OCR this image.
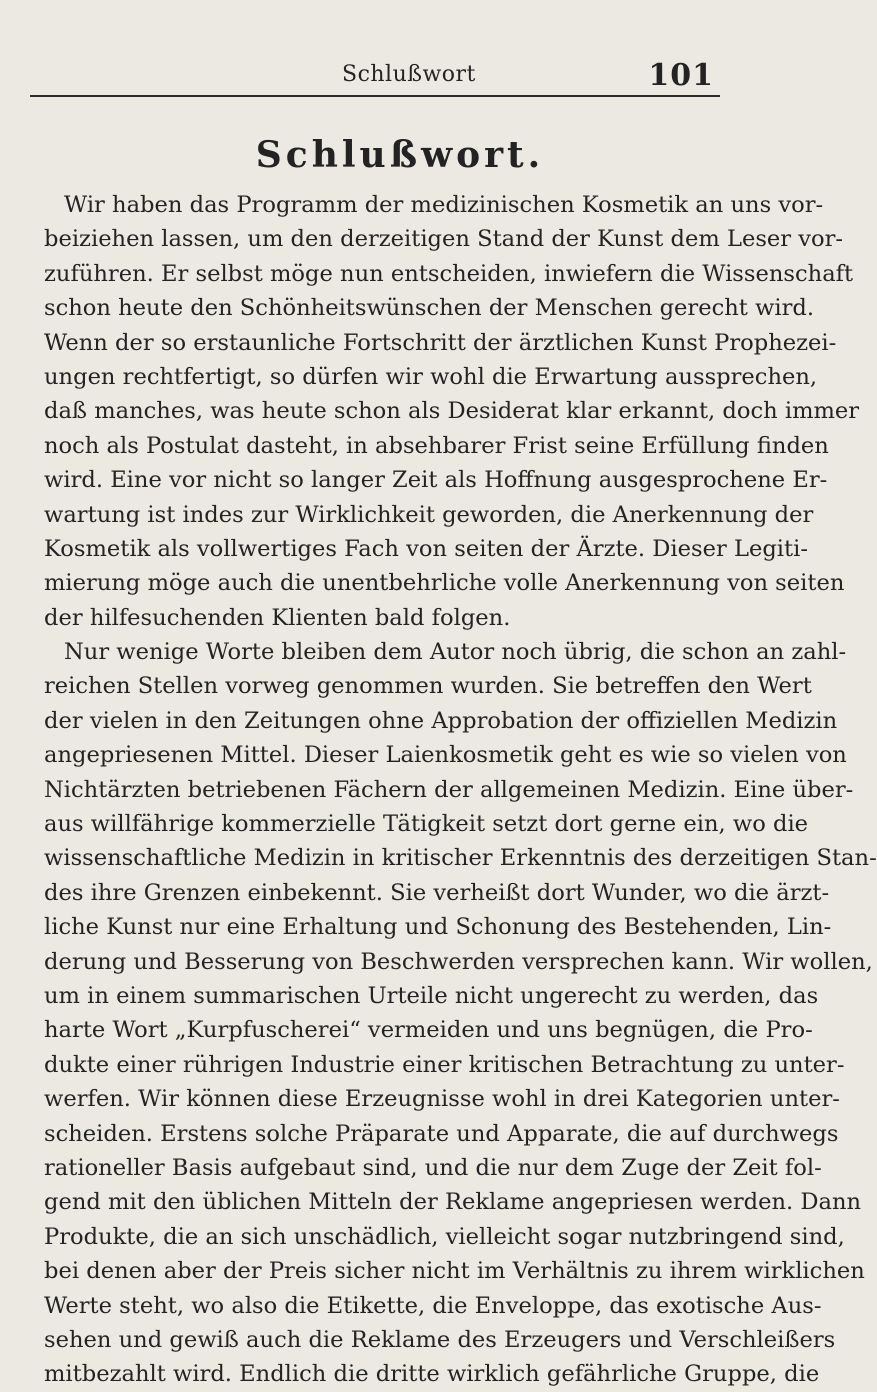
Schlußwort	101
Schlußwort.
Wir haben das Programm der medizinischen Kosmetik an uns vor-
beiziehen lassen, um den derzeitigen Stand der Kunst dem Leser vor-
zuführen. Er selbst möge nun entscheiden, inwiefern die Wissenschaft
schon heute den Schönheitswünschen der Menschen gerecht wird.
Wenn der so erstaunliche Fortschritt der ärztlichen Kunst Prophezei-
ungen rechtfertigt, so dürfen wir wohl die Erwartung aussprechen,
daß manches, was heute schon als Desiderat klar erkannt, doch immer
noch als Postulat dasteht, in absehbarer Frist seine Erfüllung finden
wird. Eine vor nicht so langer Zeit als Hoffnung ausgesprochene Er-
wartung ist indes zur Wirklichkeit geworden, die Anerkennung der
Kosmetik als vollwertiges Fach von seiten der Ärzte. Dieser Legiti-
mierung möge auch die unentbehrliche volle Anerkennung von seiten
der hilfesuchenden Klienten bald folgen.
Nur wenige Worte bleiben dem Autor noch übrig, die schon an zahl-
reichen Stellen vorweg genommen wurden. Sie betreffen den Wert
der vielen in den Zeitungen ohne Approbation der offiziellen Medizin
angepriesenen Mittel. Dieser Laienkosmetik geht es wie so vielen von
Nichtärzten betriebenen Fächern der allgemeinen Medizin. Eine über-
aus willfährige kommerzielle Tätigkeit setzt dort gerne ein, wo die
wissenschaftliche Medizin in kritischer Erkenntnis des derzeitigen Stan-
des ihre Grenzen einbekennt. Sie verheißt dort Wunder, wo die ärzt-
liche Kunst nur eine Erhaltung und Schonung des Bestehenden, Lin-
derung und Besserung von Beschwerden versprechen kann. Wir wollen,
um in einem summarischen Urteile nicht ungerecht zu werden, das
harte Wort „Kurpfuscherei“ vermeiden und uns begnügen, die Pro-
dukte einer rührigen Industrie einer kritischen Betrachtung zu unter-
werfen. Wir können diese Erzeugnisse wohl in drei Kategorien unter-
scheiden. Erstens solche Präparate und Apparate, die auf durchwegs
rationeller Basis aufgebaut sind, und die nur dem Zuge der Zeit fol-
gend mit den üblichen Mitteln der Reklame angepriesen werden. Dann
Produkte, die an sich unschädlich, vielleicht sogar nutzbringend sind,
bei denen aber der Preis sicher nicht im Verhältnis zu ihrem wirklichen
Werte steht, wo also die Etikette, die Enveloppe, das exotische Aus-
sehen und gewiß auch die Reklame des Erzeugers und Verschleißers
mitbezahlt wird. Endlich die dritte wirklich gefährliche Gruppe, die
